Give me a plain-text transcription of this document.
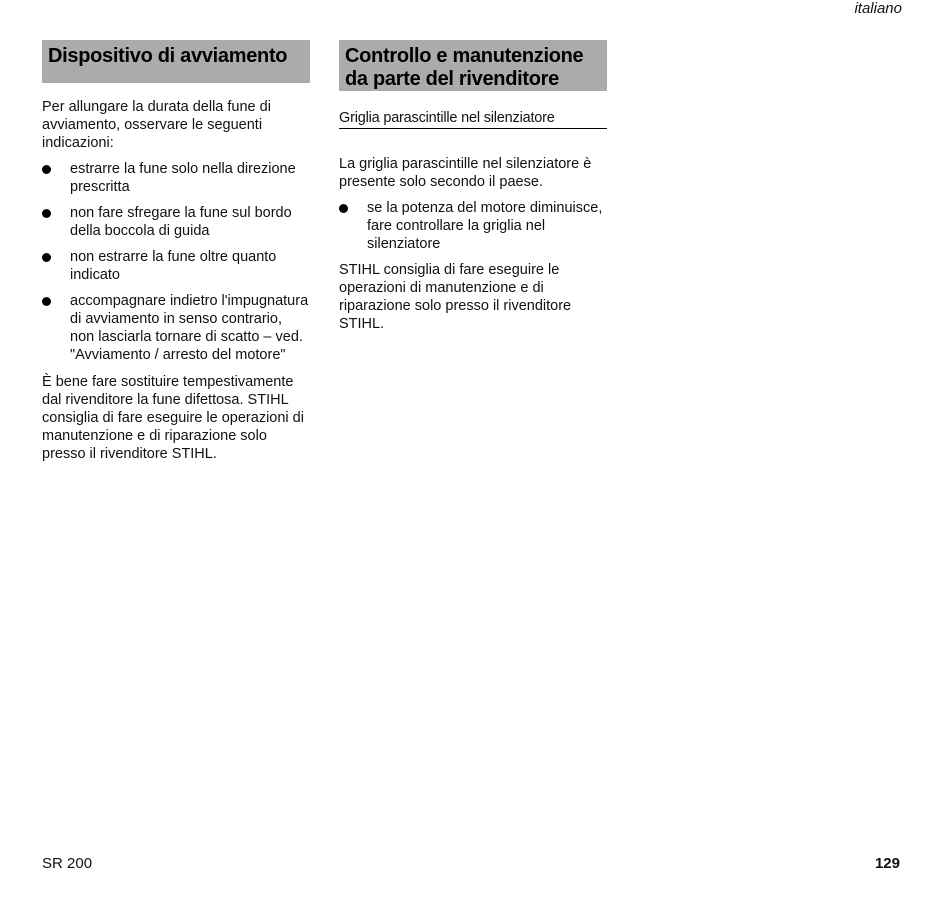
italiano
Dispositivo di avviamento

Per allungare la durata della fune di avviamento, osservare le seguenti indicazioni:

estrarre la fune solo nella direzione prescritta
non fare sfregare la fune sul bordo della boccola di guida
non estrarre la fune oltre quanto indicato
accompagnare indietro l'impugnatura di avviamento in senso contrario, non lasciarla tornare di scatto – ved. "Avviamento / arresto del motore"

È bene fare sostituire tempestivamente dal rivenditore la fune difettosa. STIHL consiglia di fare eseguire le operazioni di manutenzione e di riparazione solo presso il rivenditore STIHL.

Controllo e manutenzione da parte del rivenditore
Griglia parascintille nel silenziatore

La griglia parascintille nel silenziatore è presente solo secondo il paese.

se la potenza del motore diminuisce, fare controllare la griglia nel silenziatore

STIHL consiglia di fare eseguire le operazioni di manutenzione e di riparazione solo presso il rivenditore STIHL.

SR 200	129
